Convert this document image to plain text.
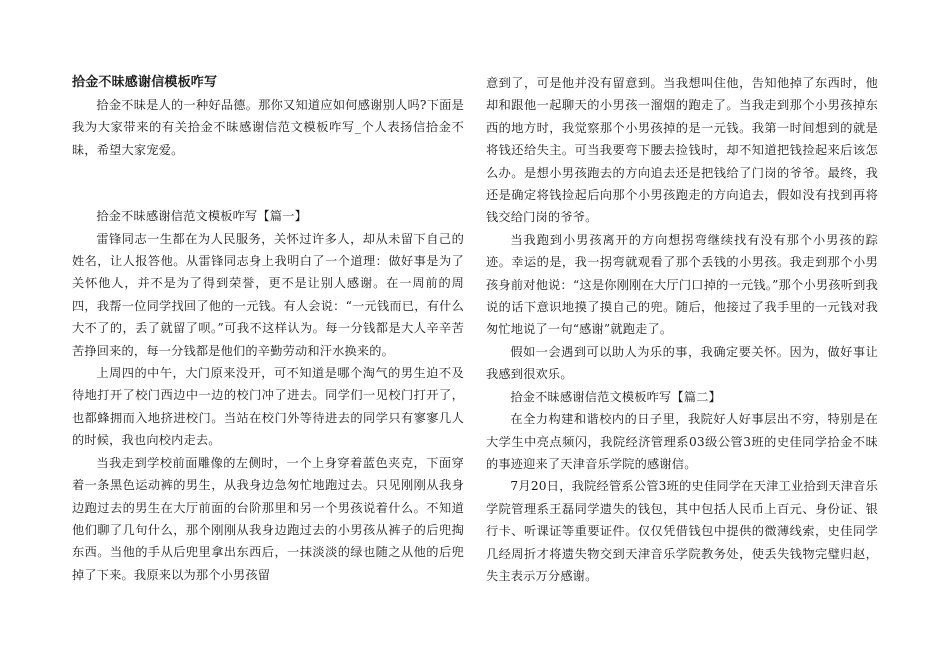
拾金不昧感谢信模板咋写

拾金不昧是人的一种好品德。那你又知道应如何感谢别人吗?下面是我为大家带来的有关拾金不昧感谢信范文模板咋写_个人表扬信拾金不昧，希望大家宠爱。

拾金不昧感谢信范文模板咋写【篇一】

雷锋同志一生都在为人民服务，关怀过许多人，却从未留下自己的姓名，让人报答他。从雷锋同志身上我明白了一个道理：做好事是为了关怀他人，并不是为了得到荣誉，更不是让别人感谢。在一周前的周四，我帮一位同学找回了他的一元钱。有人会说：“一元钱而已，有什么大不了的，丢了就留了呗。”可我不这样认为。每一分钱都是大人辛辛苦苦挣回来的，每一分钱都是他们的辛勤劳动和汗水换来的。

上周四的中午，大门原来没开，可不知道是哪个淘气的男生迫不及待地打开了校门西边中一边的校门冲了进去。同学们一见校门打开了，也都蜂拥而入地挤进校门。当站在校门外等待进去的同学只有寥寥几人的时候，我也向校内走去。

当我走到学校前面雕像的左侧时，一个上身穿着蓝色夹克，下面穿着一条黑色运动裤的男生，从我身边急匆忙地跑过去。只见刚刚从我身边跑过去的男生在大厅前面的台阶那里和另一个男孩说着什么。不知道他们聊了几句什么，那个刚刚从我身边跑过去的小男孩从裤子的后兜掏东西。当他的手从后兜里拿出东西后，一抹淡淡的绿也随之从他的后兜掉了下来。我原来以为那个小男孩留

意到了，可是他并没有留意到。当我想叫住他，告知他掉了东西时，他却和跟他一起聊天的小男孩一溜烟的跑走了。当我走到那个小男孩掉东西的地方时，我觉察那个小男孩掉的是一元钱。我第一时间想到的就是将钱还给失主。可当我要弯下腰去捡钱时，却不知道把钱捡起来后该怎么办。是想小男孩跑去的方向追去还是把钱给了门岗的爷爷。最终，我还是确定将钱捡起后向那个小男孩跑走的方向追去，假如没有找到再将钱交给门岗的爷爷。

当我跑到小男孩离开的方向想拐弯继续找有没有那个小男孩的踪迹。幸运的是，我一拐弯就观看了那个丢钱的小男孩。我走到那个小男孩身前对他说：“这是你刚刚在大厅门口掉的一元钱。”那个小男孩听到我说的话下意识地摸了摸自己的兜。随后，他接过了我手里的一元钱对我匆忙地说了一句“感谢”就跑走了。

假如一会遇到可以助人为乐的事，我确定要关怀。因为，做好事让我感到很欢乐。

拾金不昧感谢信范文模板咋写【篇二】

在全力构建和谐校内的日子里，我院好人好事层出不穷，特别是在大学生中亮点频闪，我院经济管理系03级公管3班的史佳同学拾金不昧的事迹迎来了天津音乐学院的感谢信。

7月20日，我院经管系公管3班的史佳同学在天津工业拾到天津音乐学院管理系王磊同学遗失的钱包，其中包括人民币上百元、身份证、银行卡、听课证等重要证件。仅仅凭借钱包中提供的微薄线索，史佳同学几经周折才将遗失物交到天津音乐学院教务处，使丢失钱物完璧归赵，失主表示万分感谢。
